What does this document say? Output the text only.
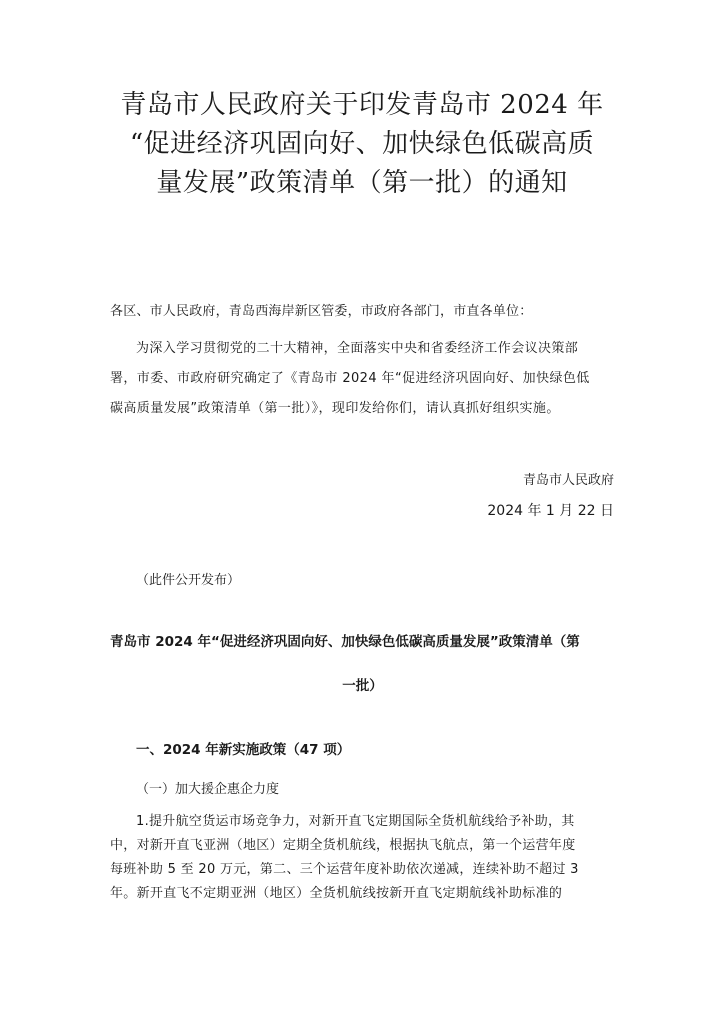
青岛市人民政府关于印发青岛市 2024 年
“促进经济巩固向好、加快绿色低碳高质
量发展”政策清单（第一批）的通知

各区、市人民政府，青岛西海岸新区管委，市政府各部门，市直各单位：

为深入学习贯彻党的二十大精神，全面落实中央和省委经济工作会议决策部
署，市委、市政府研究确定了《青岛市 2024 年“促进经济巩固向好、加快绿色低
碳高质量发展”政策清单（第一批）》，现印发给你们，请认真抓好组织实施。

青岛市人民政府

2024 年 1 月 22 日

（此件公开发布）

青岛市 2024 年“促进经济巩固向好、加快绿色低碳高质量发展”政策清单（第
一批）
一、2024 年新实施政策（47 项）

（一）加大援企惠企力度

1.提升航空货运市场竞争力，对新开直飞定期国际全货机航线给予补助，其
中，对新开直飞亚洲（地区）定期全货机航线，根据执飞航点，第一个运营年度
每班补助 5 至 20 万元，第二、三个运营年度补助依次递减，连续补助不超过 3
年。新开直飞不定期亚洲（地区）全货机航线按新开直飞定期航线补助标准的
